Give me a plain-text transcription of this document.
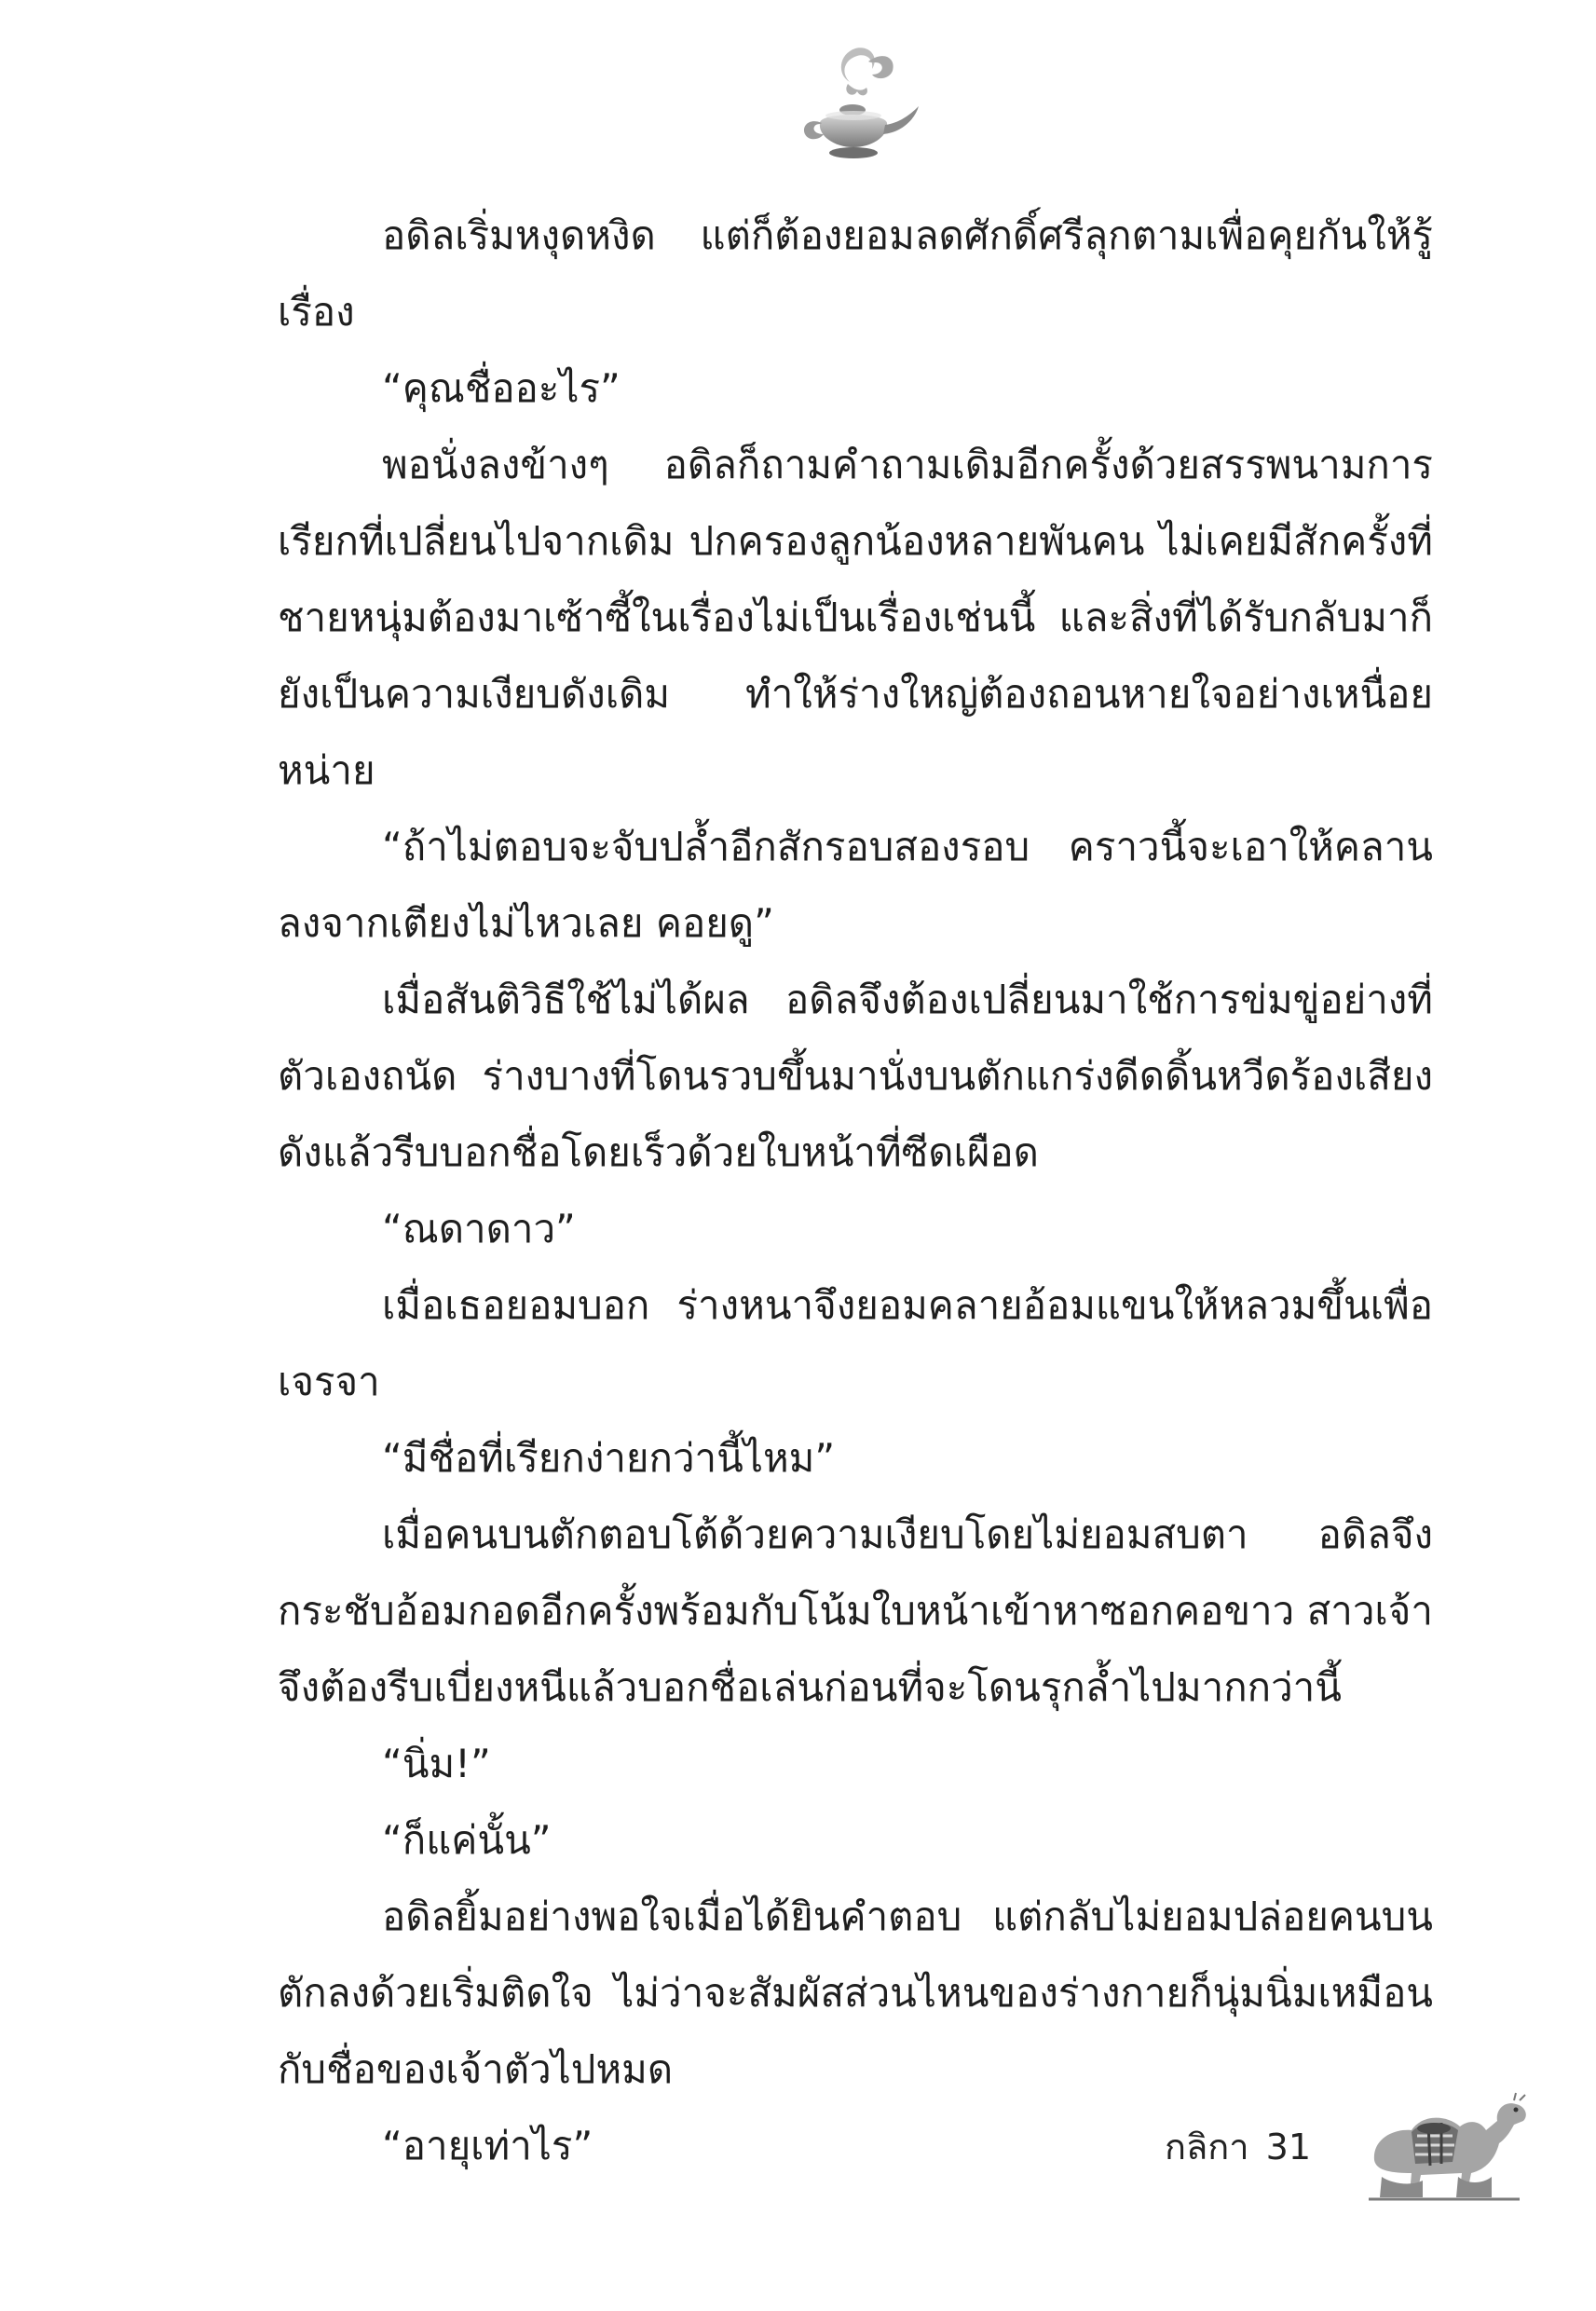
อดิลเริ่มหงุดหงิด แต่ก็ต้องยอมลดศักดิ์ศรีลุกตามเพื่อคุยกันให้รู้เรื่อง

“คุณชื่ออะไร”

พอนั่งลงข้างๆ อดิลก็ถามคำถามเดิมอีกครั้งด้วยสรรพนามการเรียกที่เปลี่ยนไปจากเดิม ปกครองลูกน้องหลายพันคน ไม่เคยมีสักครั้งที่ชายหนุ่มต้องมาเซ้าซี้ในเรื่องไม่เป็นเรื่องเช่นนี้ และสิ่งที่ได้รับกลับมาก็ยังเป็นความเงียบดังเดิม ทำให้ร่างใหญ่ต้องถอนหายใจอย่างเหนื่อยหน่าย

“ถ้าไม่ตอบจะจับปล้ำอีกสักรอบสองรอบ คราวนี้จะเอาให้คลานลงจากเตียงไม่ไหวเลย คอยดู”

เมื่อสันติวิธีใช้ไม่ได้ผล อดิลจึงต้องเปลี่ยนมาใช้การข่มขู่อย่างที่ตัวเองถนัด ร่างบางที่โดนรวบขึ้นมานั่งบนตักแกร่งดีดดิ้นหวีดร้องเสียงดังแล้วรีบบอกชื่อโดยเร็วด้วยใบหน้าที่ซีดเผือด

“ณดาดาว”

เมื่อเธอยอมบอก ร่างหนาจึงยอมคลายอ้อมแขนให้หลวมขึ้นเพื่อเจรจา

“มีชื่อที่เรียกง่ายกว่านี้ไหม”

เมื่อคนบนตักตอบโต้ด้วยความเงียบโดยไม่ยอมสบตา อดิลจึงกระชับอ้อมกอดอีกครั้งพร้อมกับโน้มใบหน้าเข้าหาซอกคอขาว สาวเจ้าจึงต้องรีบเบี่ยงหนีแล้วบอกชื่อเล่นก่อนที่จะโดนรุกล้ำไปมากกว่านี้

“นิ่ม!”

“ก็แค่นั้น”

อดิลยิ้มอย่างพอใจเมื่อได้ยินคำตอบ แต่กลับไม่ยอมปล่อยคนบนตักลงด้วยเริ่มติดใจ ไม่ว่าจะสัมผัสส่วนไหนของร่างกายก็นุ่มนิ่มเหมือนกับชื่อของเจ้าตัวไปหมด

“อายุเท่าไร”	กลิกา 31
